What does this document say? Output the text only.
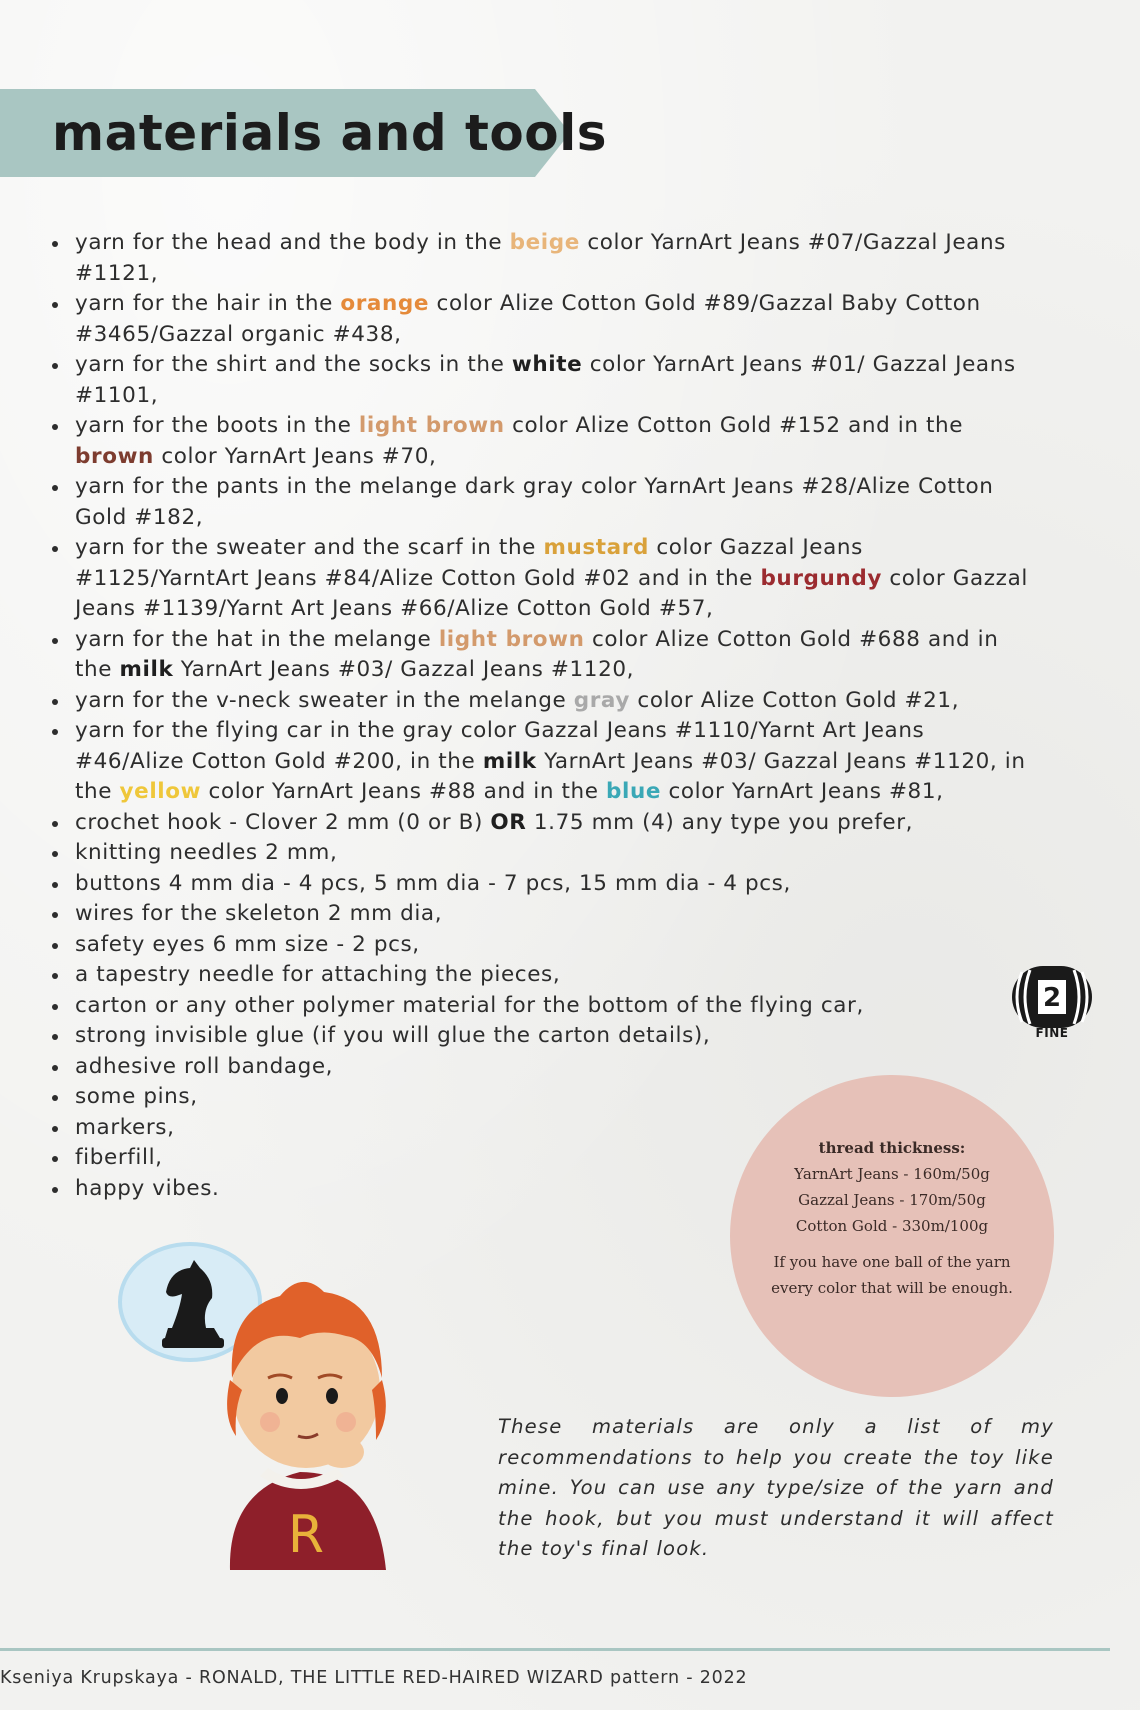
materials and tools
yarn for the head and the body in the beige color YarnArt Jeans #07/Gazzal Jeans #1121,
yarn for the hair in the orange color Alize Cotton Gold #89/Gazzal Baby Cotton #3465/Gazzal organic #438,
yarn for the shirt and the socks in the white color YarnArt Jeans #01/ Gazzal Jeans #1101,
yarn for the boots in the light brown color Alize Cotton Gold #152 and in the brown color YarnArt Jeans #70,
yarn for the pants in the melange dark gray color YarnArt Jeans #28/Alize Cotton Gold #182,
yarn for the sweater and the scarf in the mustard color Gazzal Jeans #1125/YarntArt Jeans #84/Alize Cotton Gold #02 and in the burgundy color Gazzal Jeans #1139/Yarnt Art Jeans #66/Alize Cotton Gold #57,
yarn for the hat in the melange light brown color Alize Cotton Gold #688 and in the milk YarnArt Jeans #03/ Gazzal Jeans #1120,
yarn for the v-neck sweater in the melange gray color Alize Cotton Gold #21,
yarn for the flying car in the gray color Gazzal Jeans #1110/Yarnt Art Jeans #46/Alize Cotton Gold #200, in the milk YarnArt Jeans #03/ Gazzal Jeans #1120, in the yellow color YarnArt Jeans #88 and in the blue color YarnArt Jeans #81,
crochet hook - Clover 2 mm (0 or B) OR 1.75 mm (4) any type you prefer,
knitting needles 2 mm,
buttons 4 mm dia - 4 pcs, 5 mm dia - 7 pcs, 15 mm dia - 4 pcs,
wires for the skeleton 2 mm dia,
safety eyes 6 mm size - 2 pcs,
a tapestry needle for attaching the pieces,
carton or any other polymer material for the bottom of the flying car,
strong invisible glue (if you will glue the carton details),
adhesive roll bandage,
some pins,
markers,
fiberfill,
happy vibes.
2
FINE
thread thickness:
YarnArt Jeans - 160m/50g
Gazzal Jeans - 170m/50g
Cotton Gold - 330m/100g
If you have one ball of the yarn every color that will be enough.
R

These materials are only a list of my recommendations to help you create the toy like mine. You can use any type/size of the yarn and the hook, but you must understand it will affect the toy's final look.

Kseniya Krupskaya - RONALD, THE LITTLE RED-HAIRED WIZARD pattern - 2022
